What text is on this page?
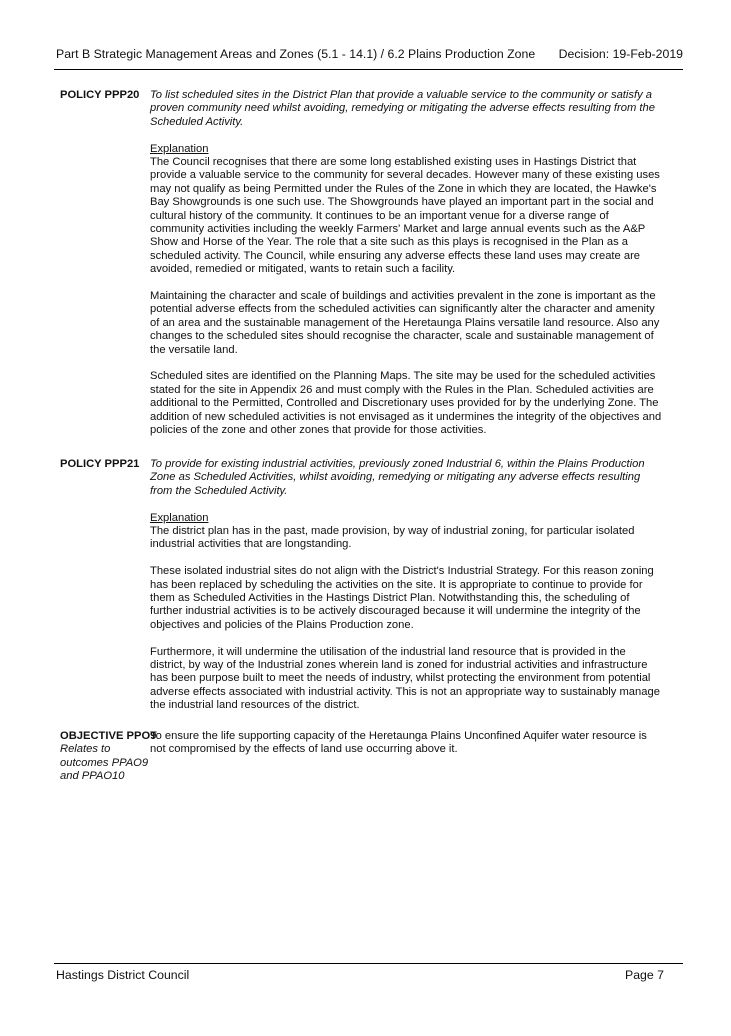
Part B Strategic Management Areas and Zones (5.1 - 14.1) / 6.2 Plains Production Zone Decision: 19-Feb-2019
POLICY PPP20 To list scheduled sites in the District Plan that provide a valuable service to the community or satisfy a proven community need whilst avoiding, remedying or mitigating the adverse effects resulting from the Scheduled Activity.

Explanation

The Council recognises that there are some long established existing uses in Hastings District that provide a valuable service to the community for several decades. However many of these existing uses may not qualify as being Permitted under the Rules of the Zone in which they are located, the Hawke's Bay Showgrounds is one such use. The Showgrounds have played an important part in the social and cultural history of the community. It continues to be an important venue for a diverse range of community activities including the weekly Farmers' Market and large annual events such as the A&P Show and Horse of the Year. The role that a site such as this plays is recognised in the Plan as a scheduled activity. The Council, while ensuring any adverse effects these land uses may create are avoided, remedied or mitigated, wants to retain such a facility.

Maintaining the character and scale of buildings and activities prevalent in the zone is important as the potential adverse effects from the scheduled activities can significantly alter the character and amenity of an area and the sustainable management of the Heretaunga Plains versatile land resource. Also any changes to the scheduled sites should recognise the character, scale and sustainable management of the versatile land.

Scheduled sites are identified on the Planning Maps. The site may be used for the scheduled activities stated for the site in Appendix 26 and must comply with the Rules in the Plan. Scheduled activities are additional to the Permitted, Controlled and Discretionary uses provided for by the underlying Zone. The addition of new scheduled activities is not envisaged as it undermines the integrity of the objectives and policies of the zone and other zones that provide for those activities.

POLICY PPP21 To provide for existing industrial activities, previously zoned Industrial 6, within the Plains Production Zone as Scheduled Activities, whilst avoiding, remedying or mitigating any adverse effects resulting from the Scheduled Activity.

Explanation

The district plan has in the past, made provision, by way of industrial zoning, for particular isolated industrial activities that are longstanding.

These isolated industrial sites do not align with the District's Industrial Strategy. For this reason zoning has been replaced by scheduling the activities on the site. It is appropriate to continue to provide for them as Scheduled Activities in the Hastings District Plan. Notwithstanding this, the scheduling of further industrial activities is to be actively discouraged because it will undermine the integrity of the objectives and policies of the Plains Production zone.

Furthermore, it will undermine the utilisation of the industrial land resource that is provided in the district, by way of the Industrial zones wherein land is zoned for industrial activities and infrastructure has been purpose built to meet the needs of industry, whilst protecting the environment from potential adverse effects associated with industrial activity. This is not an appropriate way to sustainably manage the industrial land resources of the district.

OBJECTIVE PPO9
Relates to outcomes PPAO9 and PPAO10

To ensure the life supporting capacity of the Heretaunga Plains Unconfined Aquifer water resource is not compromised by the effects of land use occurring above it.

Hastings District Council	Page 7
